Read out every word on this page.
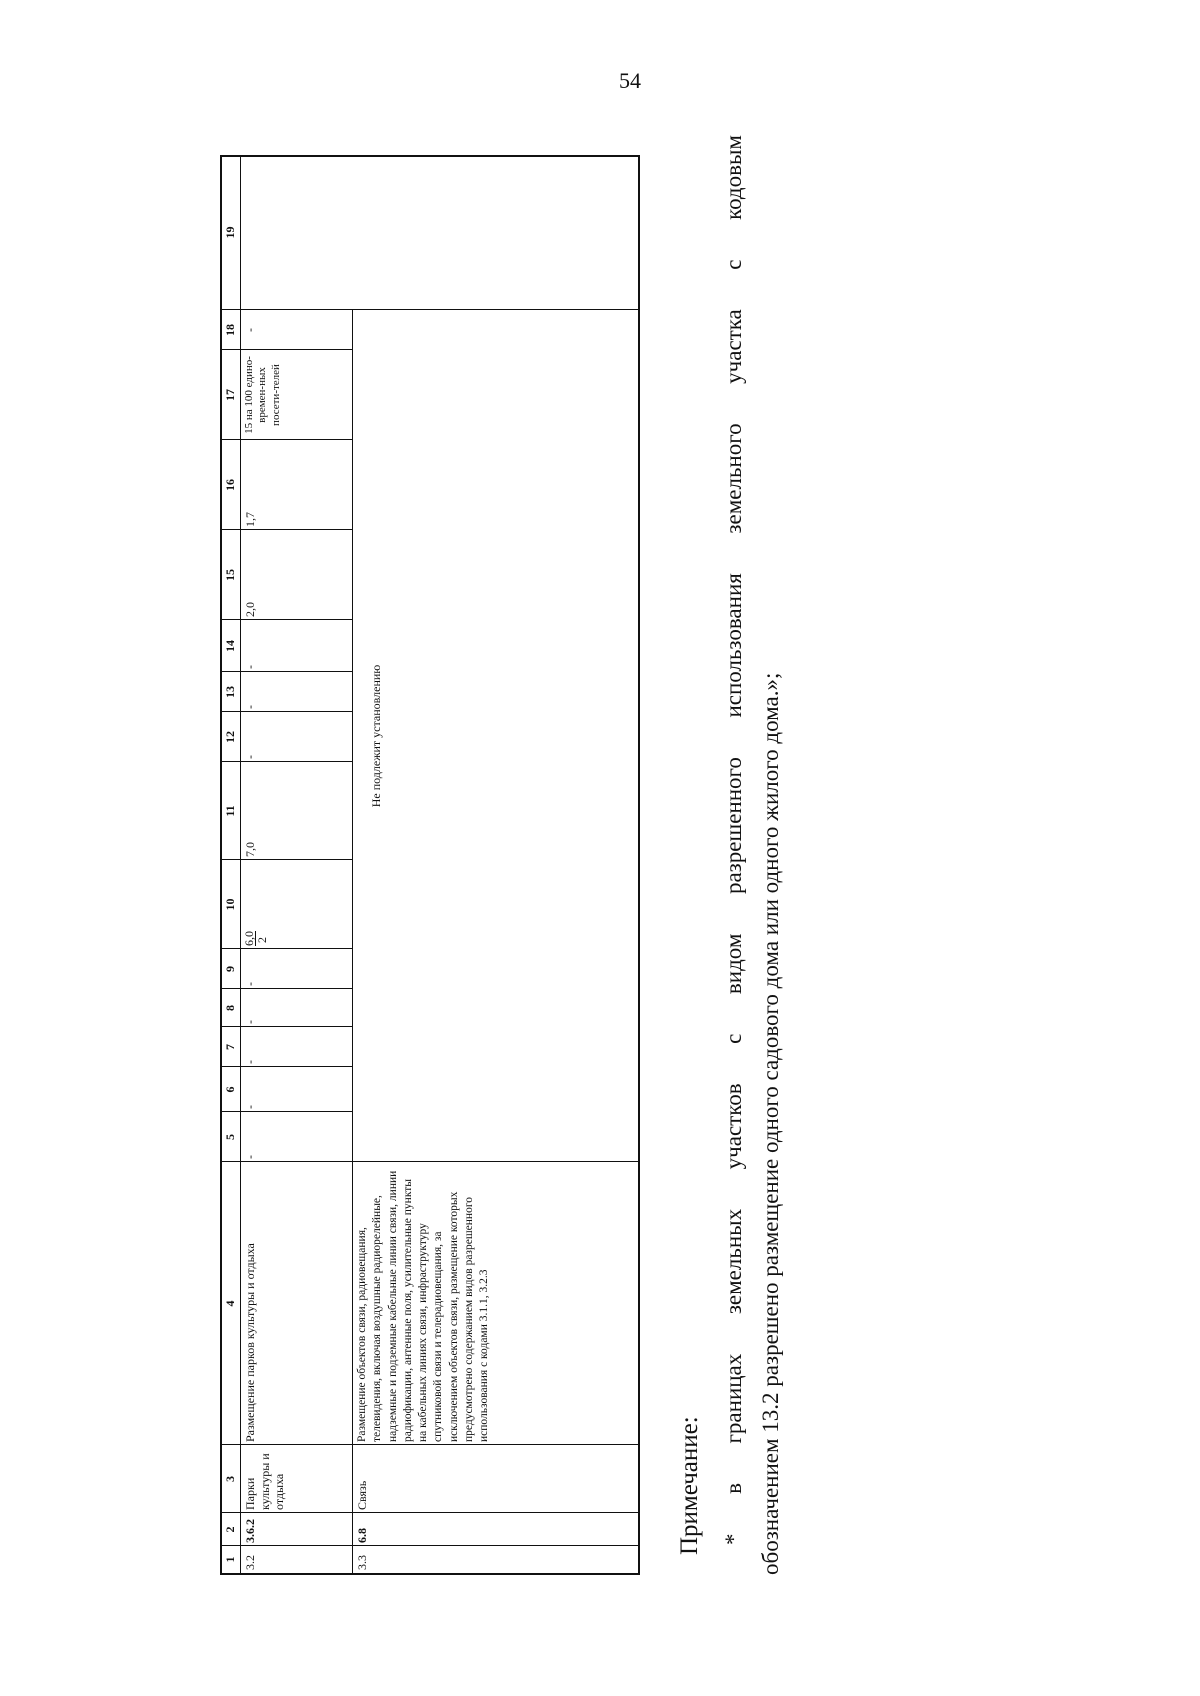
54
1
2
3
4
5
6
7
8
9
10
11
12
13
14
15
16
17
18
19
3.2
3.6.2
Парки культуры и отдыха
Размещение парков культуры и отдыха
-
-
-
-
-
6,0
2
7,0
-
-
-
2,0
1,7
15 на 100 едино-времен-ных посети-телей
-
3.3
6.8
Связь
Размещение объектов связи, радиовещания, телевидения, включая воздушные радиорелейные, надземные и подземные кабельные линии связи, линии радиофикации, антенные поля, усилительные пункты на кабельных линиях связи, инфраструктуру спутниковой связи и телерадиовещания, за исключением объектов связи, размещение которых предусмотрено содержанием видов разрешенного использования с кодами 3.1.1, 3.2.3
Не подлежит установлению

Примечание: * в границах земельных участков с видом разрешенного использования земельного участка с кодовым обозначением 13.2 разрешено размещение одного садового дома или одного жилого дома.»;
